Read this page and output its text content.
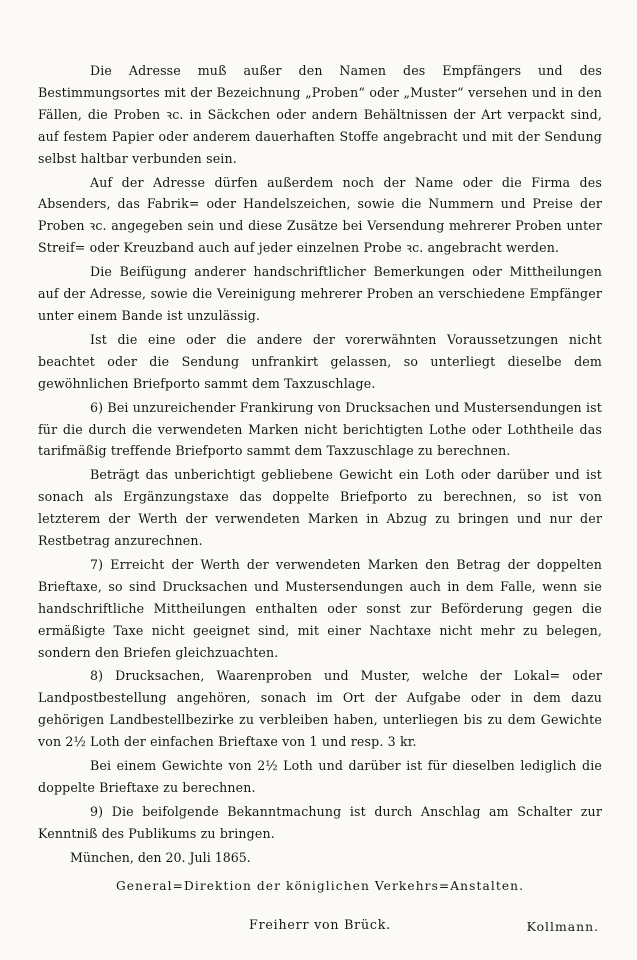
Die Adresse muß außer den Namen des Empfängers und des Bestimmungsortes mit der Bezeichnung „Proben“ oder „Muster“ versehen und in den Fällen, die Proben ꝛc. in Säckchen oder andern Behältnissen der Art verpackt sind, auf festem Papier oder anderem dauerhaften Stoffe angebracht und mit der Sendung selbst haltbar verbunden sein.

Auf der Adresse dürfen außerdem noch der Name oder die Firma des Absenders, das Fabrik= oder Handelszeichen, sowie die Nummern und Preise der Proben ꝛc. angegeben sein und diese Zusätze bei Versendung mehrerer Proben unter Streif= oder Kreuzband auch auf jeder einzelnen Probe ꝛc. angebracht werden.

Die Beifügung anderer handschriftlicher Bemerkungen oder Mittheilungen auf der Adresse, sowie die Vereinigung mehrerer Proben an verschiedene Empfänger unter einem Bande ist unzulässig.

Ist die eine oder die andere der vorerwähnten Voraussetzungen nicht beachtet oder die Sendung unfrankirt gelassen, so unterliegt dieselbe dem gewöhnlichen Briefporto sammt dem Taxzuschlage.

6) Bei unzureichender Frankirung von Drucksachen und Mustersendungen ist für die durch die verwendeten Marken nicht berichtigten Lothe oder Loththeile das tarifmäßig treffende Briefporto sammt dem Taxzuschlage zu berechnen.

Beträgt das unberichtigt gebliebene Gewicht ein Loth oder darüber und ist sonach als Ergänzungstaxe das doppelte Briefporto zu berechnen, so ist von letzterem der Werth der verwendeten Marken in Abzug zu bringen und nur der Restbetrag anzurechnen.

7) Erreicht der Werth der verwendeten Marken den Betrag der doppelten Brieftaxe, so sind Drucksachen und Mustersendungen auch in dem Falle, wenn sie handschriftliche Mittheilungen enthalten oder sonst zur Beförderung gegen die ermäßigte Taxe nicht geeignet sind, mit einer Nachtaxe nicht mehr zu belegen, sondern den Briefen gleichzuachten.

8) Drucksachen, Waarenproben und Muster, welche der Lokal= oder Landpostbestellung angehören, sonach im Ort der Aufgabe oder in dem dazu gehörigen Landbestellbezirke zu verbleiben haben, unterliegen bis zu dem Gewichte von 2½ Loth der einfachen Brieftaxe von 1 und resp. 3 kr.

Bei einem Gewichte von 2½ Loth und darüber ist für dieselben lediglich die doppelte Brieftaxe zu berechnen.

9) Die beifolgende Bekanntmachung ist durch Anschlag am Schalter zur Kenntniß des Publikums zu bringen.

München, den 20. Juli 1865.

General=Direktion der königlichen Verkehrs=Anstalten.

Freiherr von Brück.	Kollmann.
